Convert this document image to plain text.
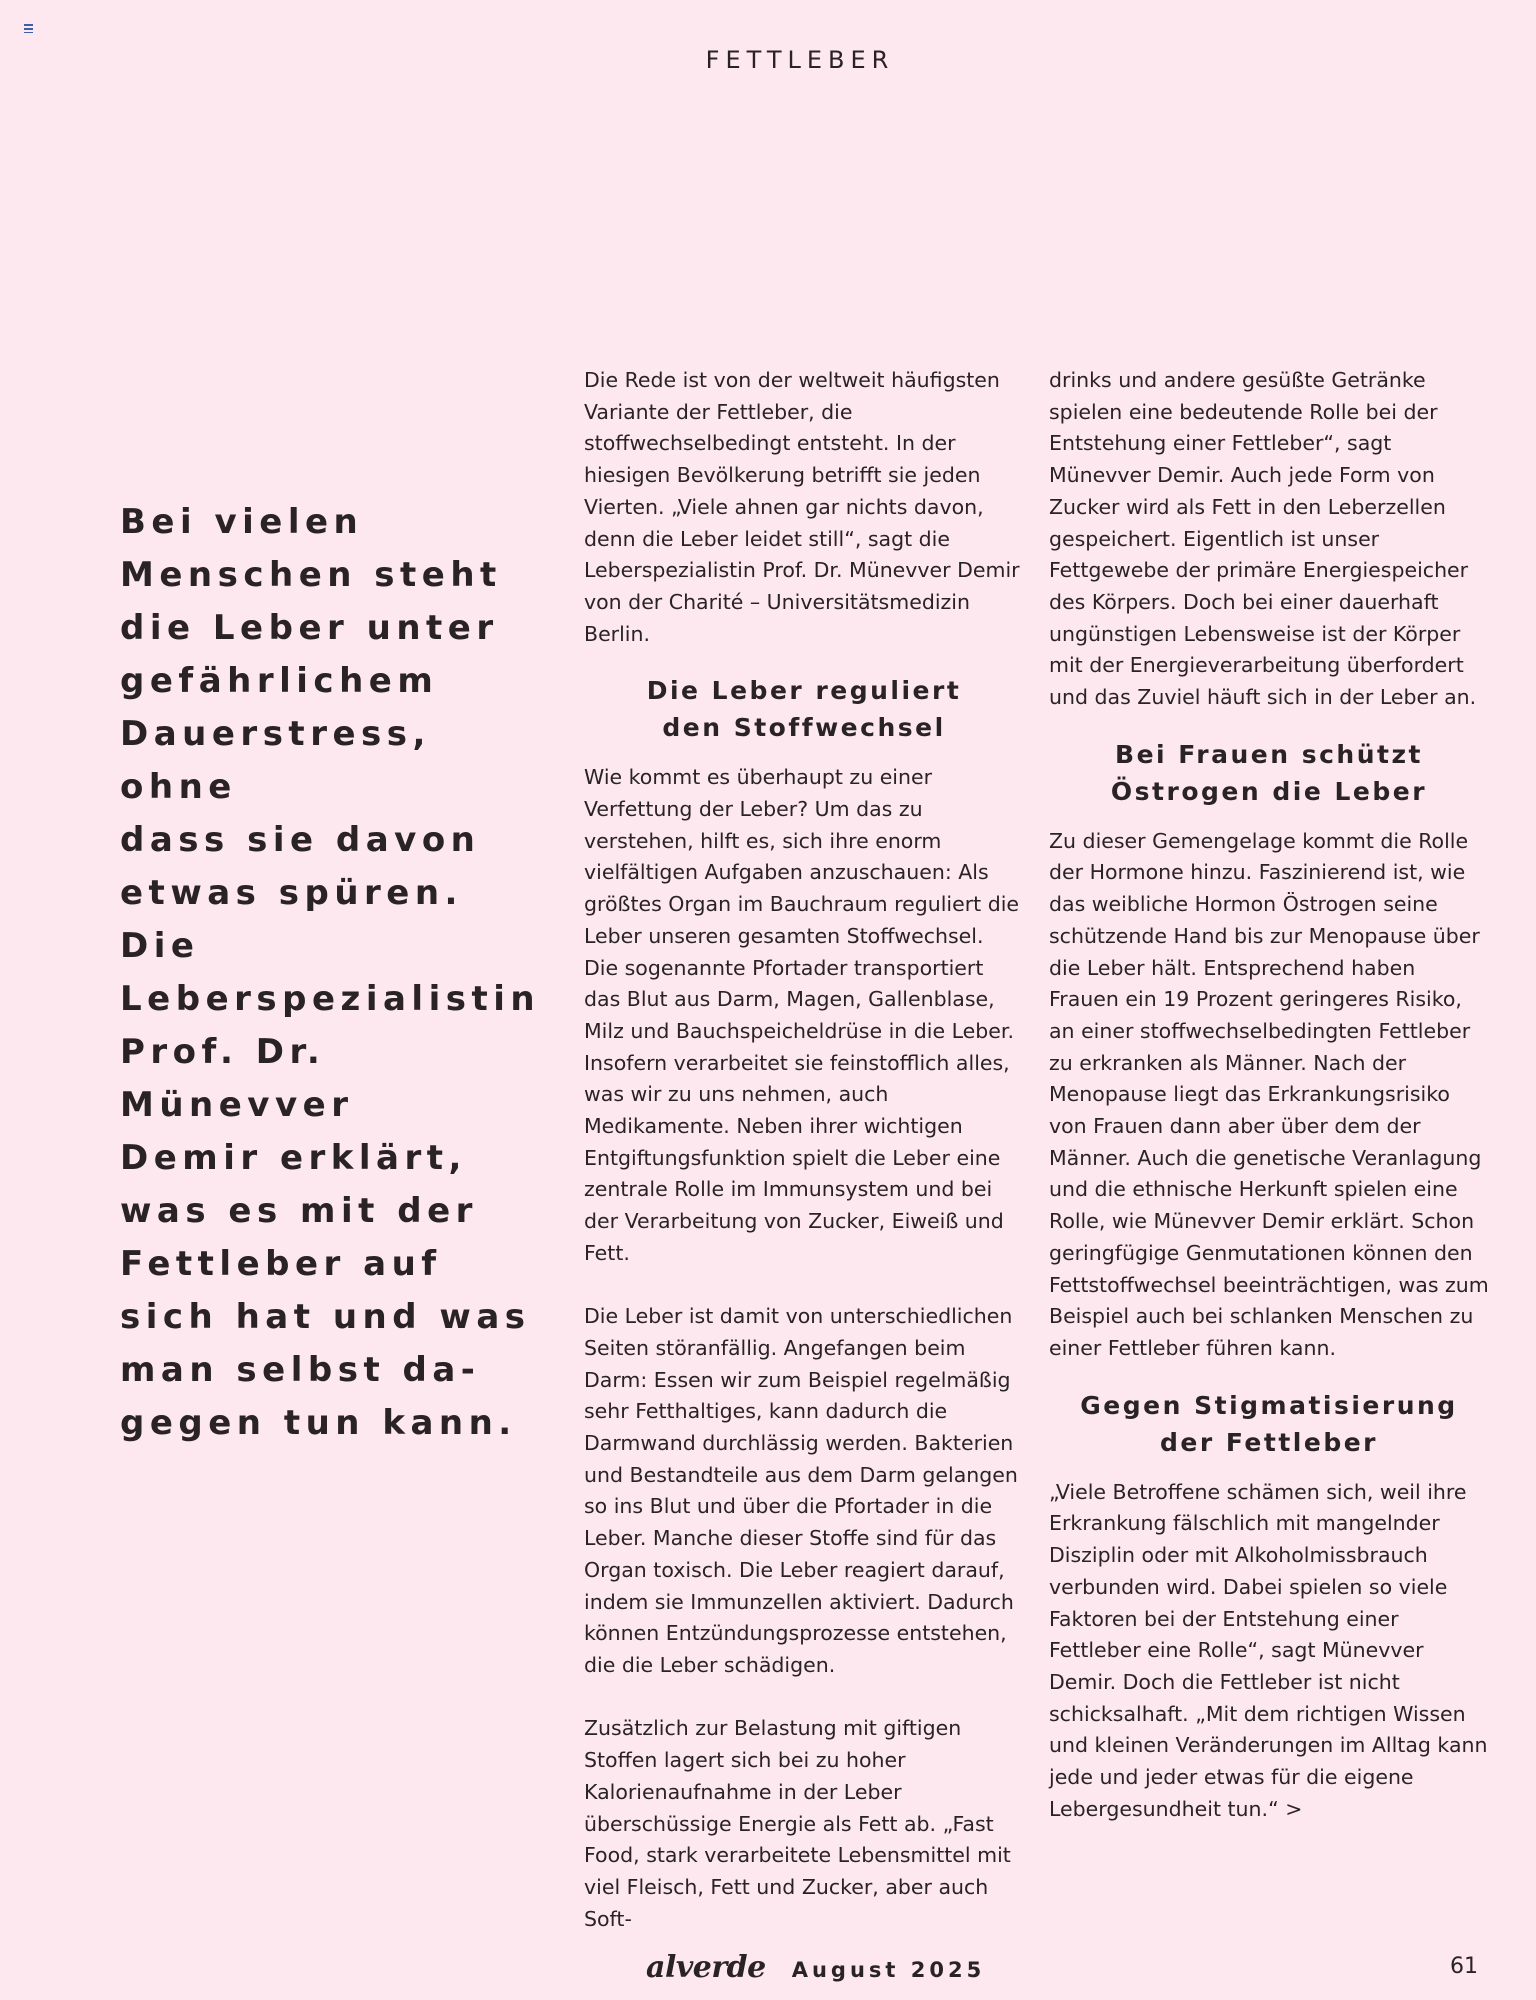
FETTLEBER
Bei vielen
Menschen steht
die Leber unter
gefährlichem
Dauerstress, ohne
dass sie davon
etwas spüren. Die
Leberspezialistin
Prof. Dr. Münevver
Demir erklärt,
was es mit der
Fettleber auf
sich hat und was
man selbst da-
gegen tun kann.

Die Rede ist von der weltweit häufigsten Variante der Fettleber, die stoffwechselbedingt entsteht. In der hiesigen Bevölkerung betrifft sie jeden Vierten. „Viele ahnen gar nichts davon, denn die Leber leidet still“, sagt die Leberspezialistin Prof. Dr. Münevver Demir von der Charité – Universitätsmedizin Berlin.

Die Leber reguliert
den Stoffwechsel

Wie kommt es überhaupt zu einer Verfettung der Leber? Um das zu verstehen, hilft es, sich ihre enorm vielfältigen Aufgaben anzuschauen: Als größtes Organ im Bauchraum reguliert die Leber unseren gesamten Stoffwechsel. Die sogenannte Pfortader transportiert das Blut aus Darm, Magen, Gallenblase, Milz und Bauchspeicheldrüse in die Leber. Insofern verarbeitet sie feinstofflich alles, was wir zu uns nehmen, auch Medikamente. Neben ihrer wichtigen Entgiftungsfunktion spielt die Leber eine zentrale Rolle im Immunsystem und bei der Verarbeitung von Zucker, Eiweiß und Fett.

Die Leber ist damit von unterschiedlichen Seiten störanfällig. Angefangen beim Darm: Essen wir zum Beispiel regelmäßig sehr Fetthaltiges, kann dadurch die Darmwand durchlässig werden. Bakterien und Bestandteile aus dem Darm gelangen so ins Blut und über die Pfortader in die Leber. Manche dieser Stoffe sind für das Organ toxisch. Die Leber reagiert darauf, indem sie Immunzellen aktiviert. Dadurch können Entzündungsprozesse entstehen, die die Leber schädigen.

Zusätzlich zur Belastung mit giftigen Stoffen lagert sich bei zu hoher Kalorienaufnahme in der Leber überschüssige Energie als Fett ab. „Fast Food, stark verarbeitete Lebensmittel mit viel Fleisch, Fett und Zucker, aber auch Soft-

drinks und andere gesüßte Getränke spielen eine bedeutende Rolle bei der Entstehung einer Fettleber“, sagt Münevver Demir. Auch jede Form von Zucker wird als Fett in den Leberzellen gespeichert. Eigentlich ist unser Fettgewebe der primäre Energiespeicher des Körpers. Doch bei einer dauerhaft ungünstigen Lebensweise ist der Körper mit der Energieverarbeitung überfordert und das Zuviel häuft sich in der Leber an.

Bei Frauen schützt
Östrogen die Leber

Zu dieser Gemengelage kommt die Rolle der Hormone hinzu. Faszinierend ist, wie das weibliche Hormon Östrogen seine schützende Hand bis zur Menopause über die Leber hält. Entsprechend haben Frauen ein 19 Prozent geringeres Risiko, an einer stoffwechselbedingten Fettleber zu erkranken als Männer. Nach der Menopause liegt das Erkrankungsrisiko von Frauen dann aber über dem der Männer. Auch die genetische Veranlagung und die ethnische Herkunft spielen eine Rolle, wie Münevver Demir erklärt. Schon geringfügige Genmutationen können den Fettstoffwechsel beeinträchtigen, was zum Beispiel auch bei schlanken Menschen zu einer Fettleber führen kann.

Gegen Stigmatisierung
der Fettleber

„Viele Betroffene schämen sich, weil ihre Erkrankung fälschlich mit mangelnder Disziplin oder mit Alkoholmissbrauch verbunden wird. Dabei spielen so viele Faktoren bei der Entstehung einer Fettleber eine Rolle“, sagt Münevver Demir. Doch die Fettleber ist nicht schicksalhaft. „Mit dem richtigen Wissen und kleinen Veränderungen im Alltag kann jede und jeder etwas für die eigene Lebergesundheit tun.“ >

alverde August 2025	61
